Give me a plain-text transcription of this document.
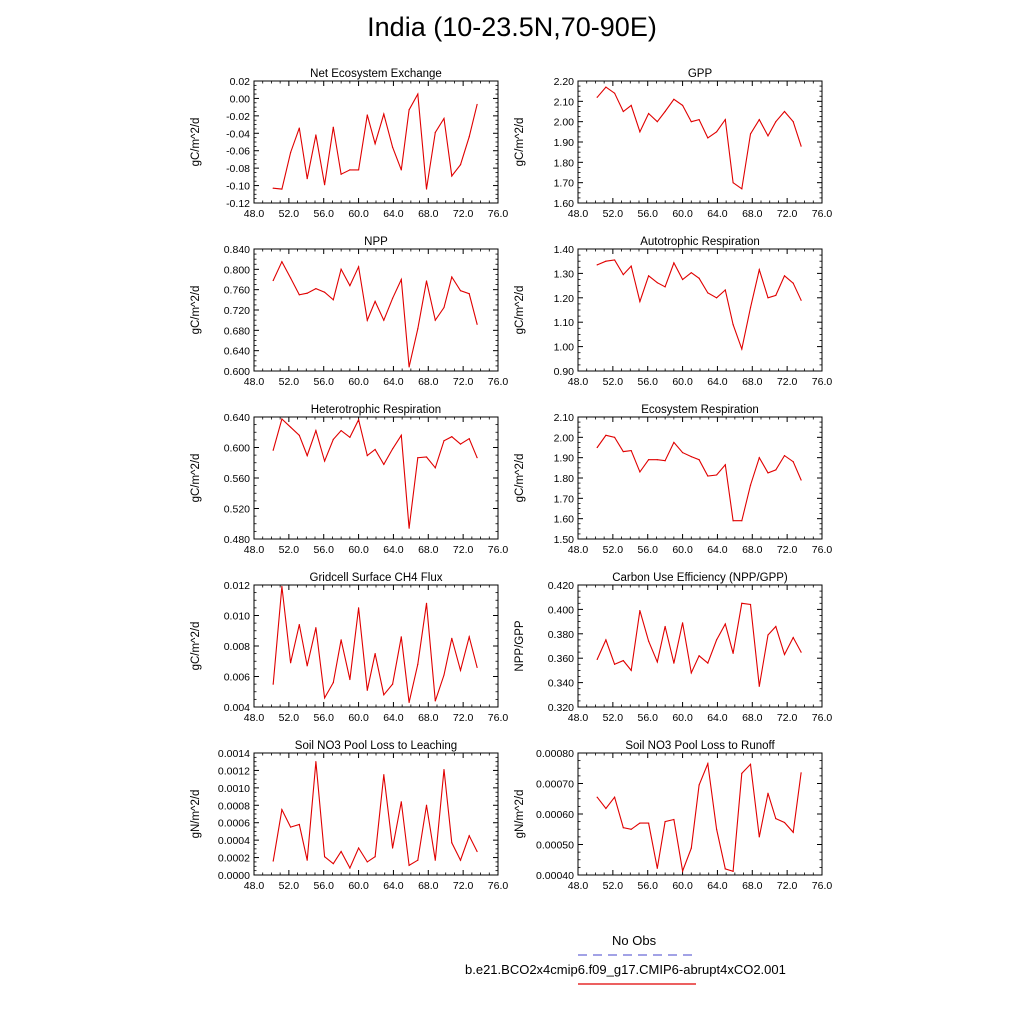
India (10-23.5N,70-90E)
Net Ecosystem Exchange
48.0 52.0 56.0 60.0 64.0 68.0 72.0 76.0
-0.12
-0.10
-0.08
-0.06
-0.04
-0.02
0.00
0.02
gC/m^2/d
GPP
48.0 52.0 56.0 60.0 64.0 68.0 72.0 76.0
1.60
1.70
1.80
1.90
2.00
2.10
2.20
gC/m^2/d
NPP
48.0 52.0 56.0 60.0 64.0 68.0 72.0 76.0
0.600
0.640
0.680
0.720
0.760
0.800
0.840
gC/m^2/d
Autotrophic Respiration
48.0 52.0 56.0 60.0 64.0 68.0 72.0 76.0
0.90
1.00
1.10
1.20
1.30
1.40
gC/m^2/d
Heterotrophic Respiration
48.0 52.0 56.0 60.0 64.0 68.0 72.0 76.0
0.480
0.520
0.560
0.600
0.640
gC/m^2/d
Ecosystem Respiration
48.0 52.0 56.0 60.0 64.0 68.0 72.0 76.0
1.50
1.60
1.70
1.80
1.90
2.00
2.10
gC/m^2/d
Gridcell Surface CH4 Flux
48.0 52.0 56.0 60.0 64.0 68.0 72.0 76.0
0.004
0.006
0.008
0.010
0.012
gC/m^2/d
Carbon Use Efficiency (NPP/GPP)
48.0 52.0 56.0 60.0 64.0 68.0 72.0 76.0
0.320
0.340
0.360
0.380
0.400
0.420
NPP/GPP
Soil NO3 Pool Loss to Leaching
48.0 52.0 56.0 60.0 64.0 68.0 72.0 76.0
0.0000
0.0002
0.0004
0.0006
0.0008
0.0010
0.0012
0.0014
gN/m^2/d
Soil NO3 Pool Loss to Runoff
48.0 52.0 56.0 60.0 64.0 68.0 72.0 76.0
0.00040
0.00050
0.00060
0.00070
0.00080
gN/m^2/d
No Obs
b.e21.BCO2x4cmip6.f09_g17.CMIP6-abrupt4xCO2.001
